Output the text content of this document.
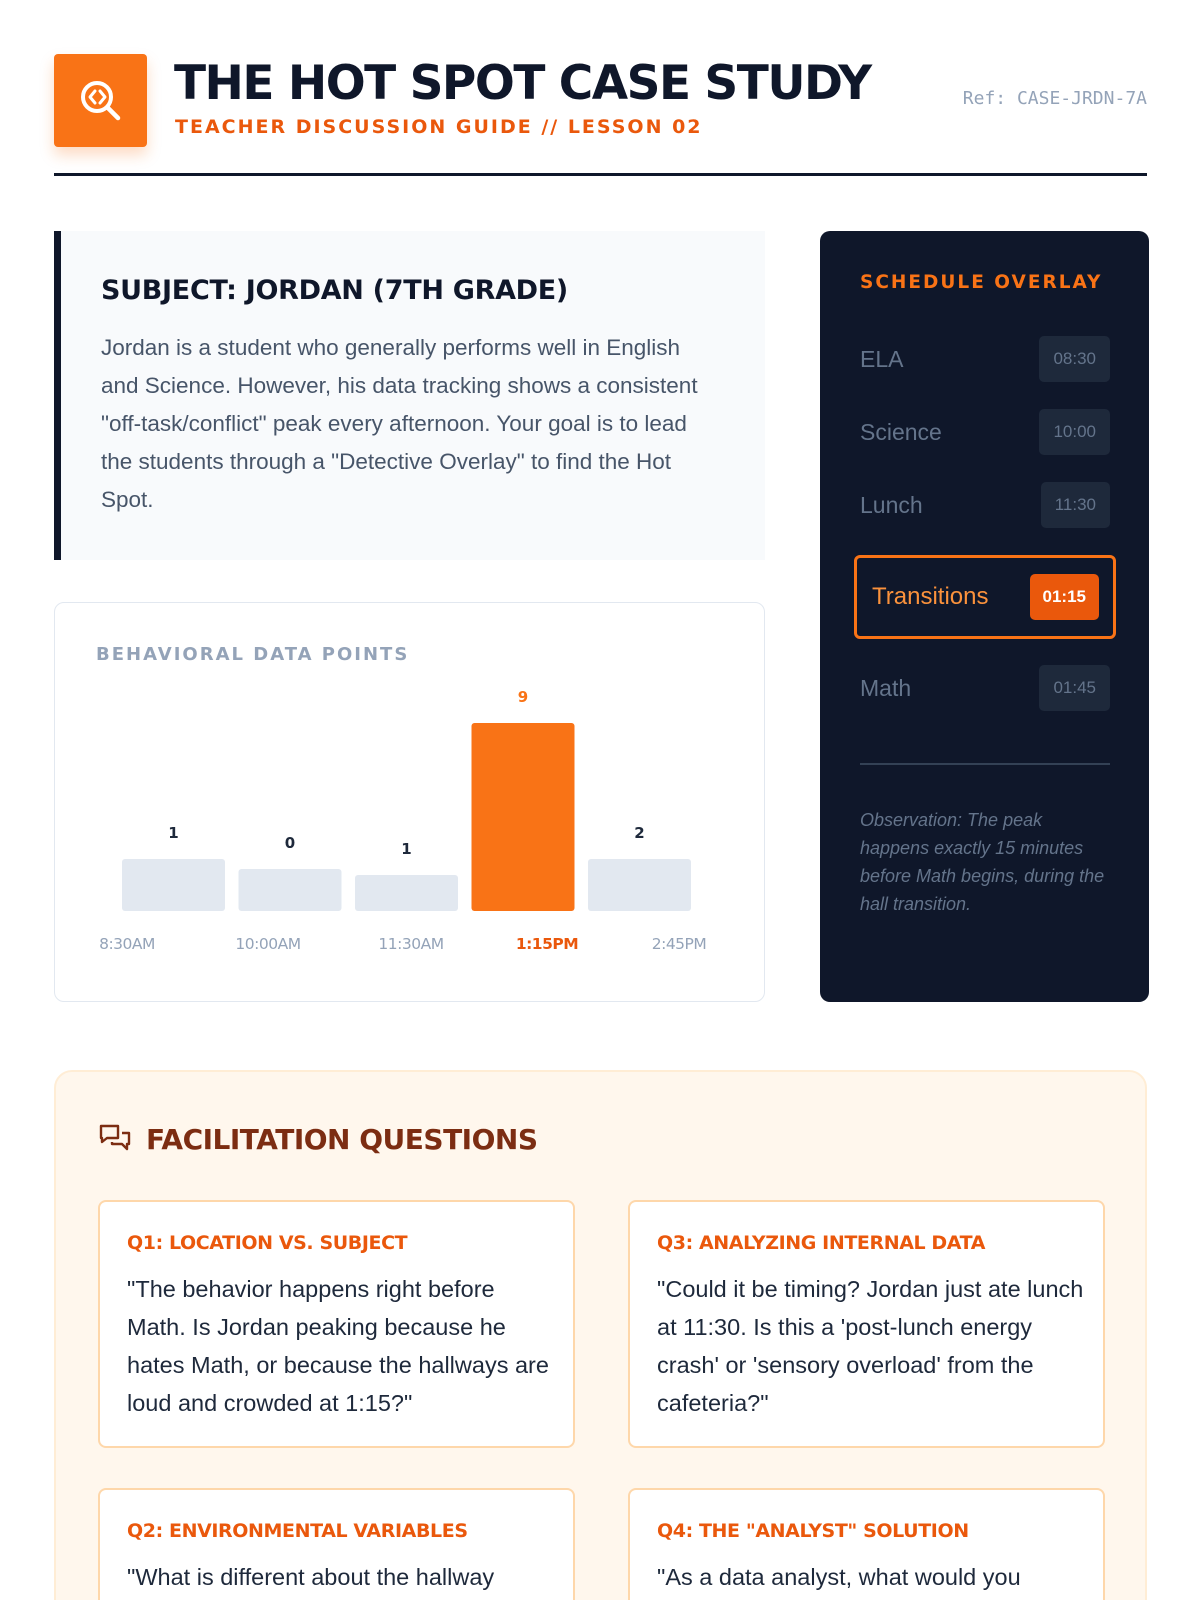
THE HOT SPOT CASE STUDY
TEACHER DISCUSSION GUIDE // LESSON 02
Ref: CASE-JRDN-7A
SUBJECT: JORDAN (7TH GRADE)

Jordan is a student who generally performs well in English and Science. However, his data tracking shows a consistent "off-task/conflict" peak every afternoon. Your goal is to lead the students through a "Detective Overlay" to find the Hot Spot.

BEHAVIORAL DATA POINTS
1
8:30AM
0
10:00AM
1
11:30AM
9
1:15PM
2
2:45PM
SCHEDULE OVERLAY
ELA	08:30
Science	10:00
Lunch	11:30
Transitions	01:15
Math	01:45
Observation: The peak happens exactly 15 minutes before Math begins, during the hall transition.
FACILITATION QUESTIONS
Q1: LOCATION VS. SUBJECT
"The behavior happens right before Math. Is Jordan peaking because he hates Math, or because the hallways are loud and crowded at 1:15?"
Q3: ANALYZING INTERNAL DATA
"Could it be timing? Jordan just ate lunch at 11:30. Is this a 'post-lunch energy crash' or 'sensory overload' from the cafeteria?"
Q2: ENVIRONMENTAL VARIABLES
"What is different about the hallway
Q4: THE "ANALYST" SOLUTION
"As a data analyst, what would you
